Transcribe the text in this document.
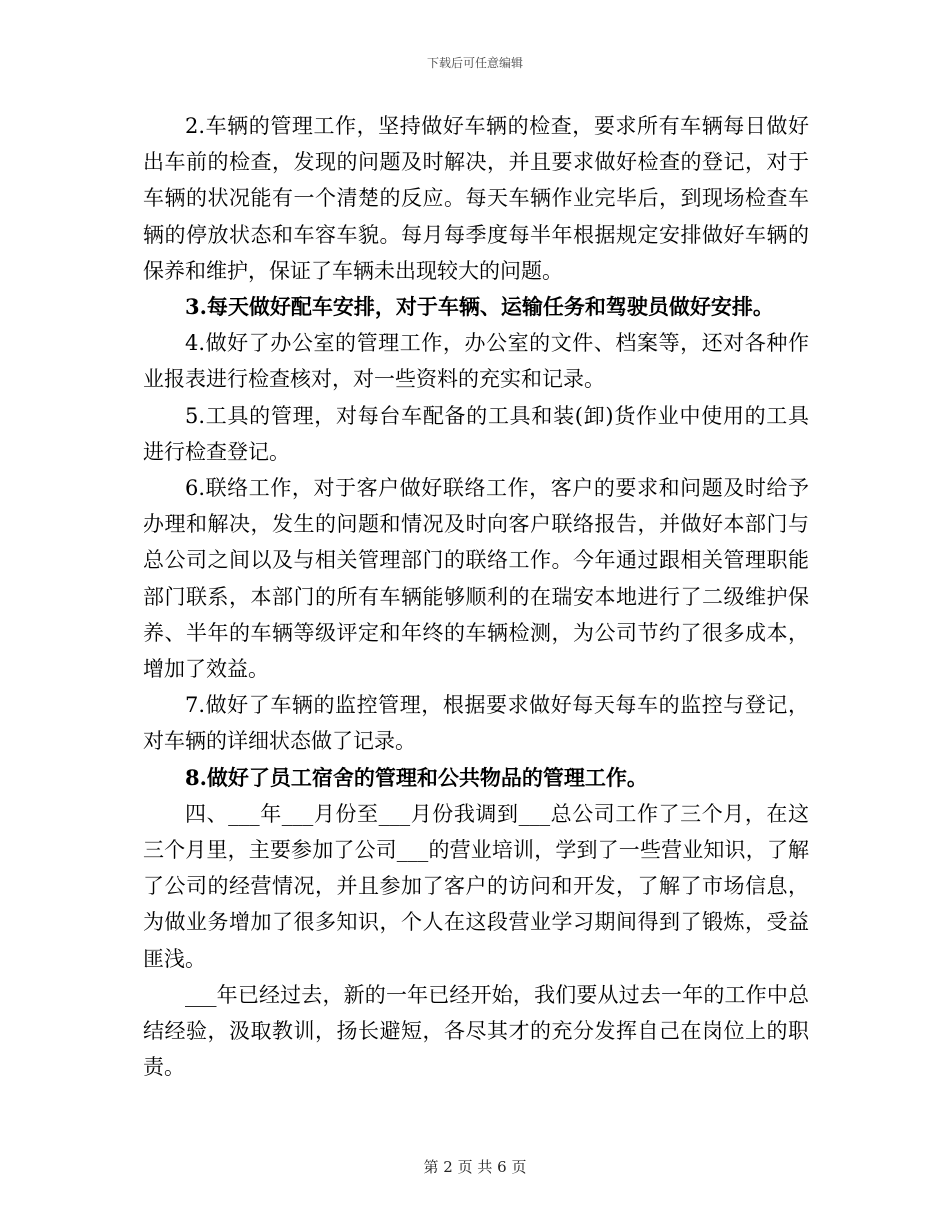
下载后可任意编辑

2.车辆的管理工作，坚持做好车辆的检查，要求所有车辆每日做好出车前的检查，发现的问题及时解决，并且要求做好检查的登记，对于车辆的状况能有一个清楚的反应。每天车辆作业完毕后，到现场检查车辆的停放状态和车容车貌。每月每季度每半年根据规定安排做好车辆的保养和维护，保证了车辆未出现较大的问题。

3.每天做好配车安排，对于车辆、运输任务和驾驶员做好安排。

4.做好了办公室的管理工作，办公室的文件、档案等，还对各种作业报表进行检查核对，对一些资料的充实和记录。

5.工具的管理，对每台车配备的工具和装(卸)货作业中使用的工具进行检查登记。

6.联络工作，对于客户做好联络工作，客户的要求和问题及时给予办理和解决，发生的问题和情况及时向客户联络报告，并做好本部门与总公司之间以及与相关管理部门的联络工作。今年通过跟相关管理职能部门联系，本部门的所有车辆能够顺利的在瑞安本地进行了二级维护保养、半年的车辆等级评定和年终的车辆检测，为公司节约了很多成本，增加了效益。

7.做好了车辆的监控管理，根据要求做好每天每车的监控与登记，对车辆的详细状态做了记录。

8.做好了员工宿舍的管理和公共物品的管理工作。

四、___年___月份至___月份我调到___总公司工作了三个月，在这三个月里，主要参加了公司___的营业培训，学到了一些营业知识，了解了公司的经营情况，并且参加了客户的访问和开发，了解了市场信息，为做业务增加了很多知识，个人在这段营业学习期间得到了锻炼，受益匪浅。

___年已经过去，新的一年已经开始，我们要从过去一年的工作中总结经验，汲取教训，扬长避短，各尽其才的充分发挥自己在岗位上的职责。

第 2 页 共 6 页
